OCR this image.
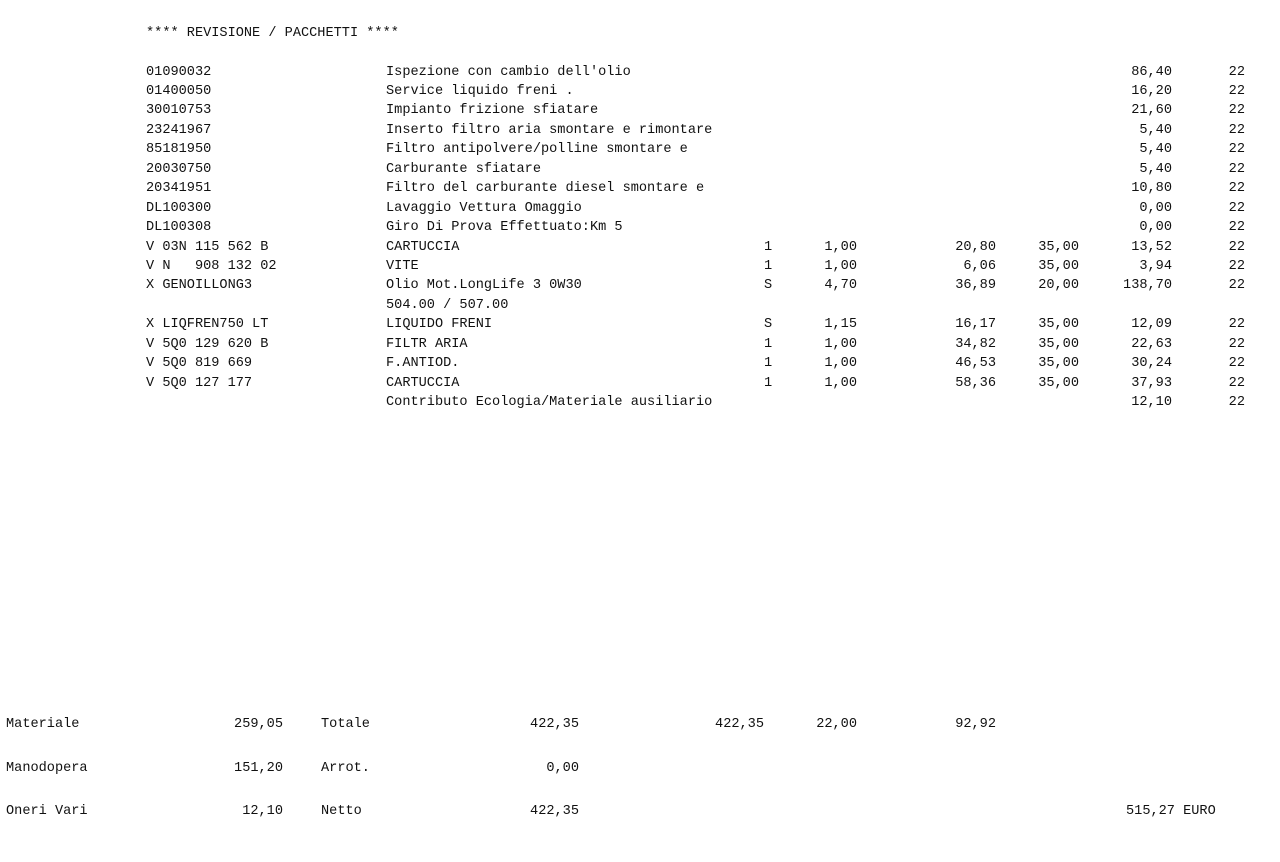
**** REVISIONE / PACCHETTI ****
01090032	Ispezione con cambio dell'olio	86,40	22
01400050	Service liquido freni .	16,20	22
30010753	Impianto frizione sfiatare	21,60	22
23241967	Inserto filtro aria smontare e rimontare	5,40	22
85181950	Filtro antipolvere/polline smontare e	5,40	22
20030750	Carburante sfiatare	5,40	22
20341951	Filtro del carburante diesel smontare e	10,80	22
DL100300	Lavaggio Vettura Omaggio	0,00	22
DL100308	Giro Di Prova Effettuato:Km 5	0,00	22
V 03N 115 562 B	CARTUCCIA	1	1,00	20,80	35,00	13,52	22
V N   908 132 02	VITE	1	1,00	6,06	35,00	3,94	22
X GENOILLONG3	Olio Mot.LongLife 3 0W30	S	4,70	36,89	20,00	138,70	22
504.00 / 507.00
X LIQFREN750 LT	LIQUIDO FRENI	S	1,15	16,17	35,00	12,09	22
V 5Q0 129 620 B	FILTR ARIA	1	1,00	34,82	35,00	22,63	22
V 5Q0 819 669	F.ANTIOD.	1	1,00	46,53	35,00	30,24	22
V 5Q0 127 177	CARTUCCIA	1	1,00	58,36	35,00	37,93	22
Contributo Ecologia/Materiale ausiliario	12,10	22
Materiale	259,05	Totale	422,35	422,35	22,00	92,92
Manodopera	151,20	Arrot.	0,00
Oneri Vari	12,10	Netto	422,35	515,27 EURO
